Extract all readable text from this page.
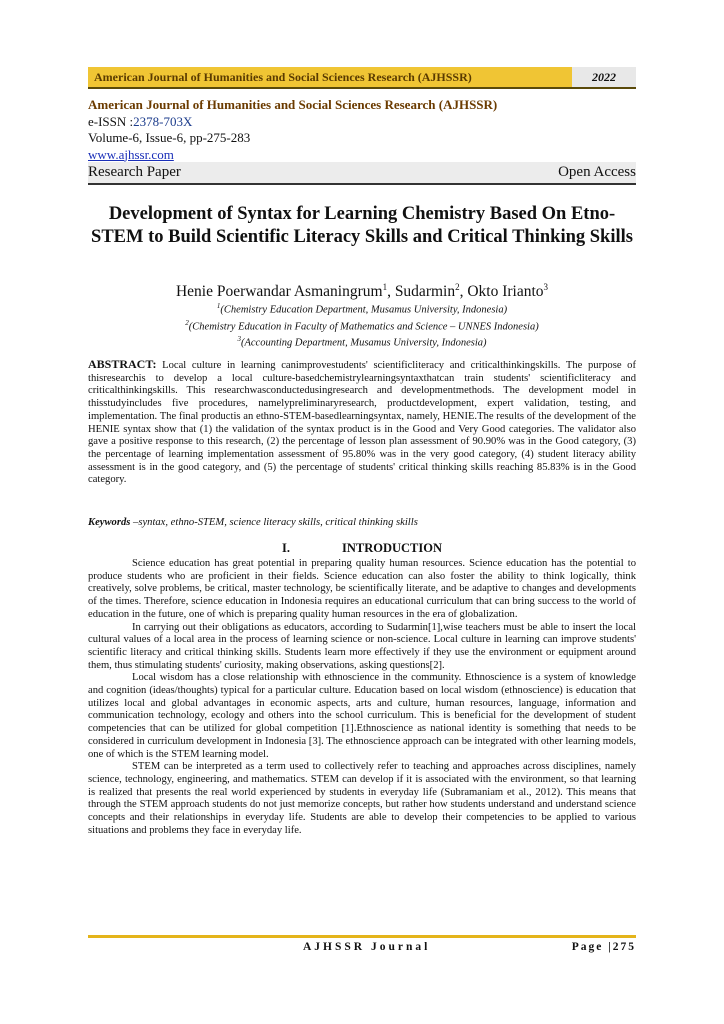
American Journal of Humanities and Social Sciences Research (AJHSSR)	2022
American Journal of Humanities and Social Sciences Research (AJHSSR)
e-ISSN :2378-703X
Volume-6, Issue-6, pp-275-283
www.ajhssr.com
Research Paper	Open Access
Development of Syntax for Learning Chemistry Based On Etno-STEM to Build Scientific Literacy Skills and Critical Thinking Skills
Henie Poerwandar Asmaningrum$^1$, Sudarmin$^2$, Okto Irianto$^3$
$^1$(Chemistry Education Department, Musamus University, Indonesia)
$^2$(Chemistry Education in Faculty of Mathematics and Science – UNNES Indonesia)
$^3$(Accounting Department, Musamus University, Indonesia)
ABSTRACT: Local culture in learning canimprovestudents' scientificliteracy and criticalthinkingskills. The purpose of thisresearchis to develop a local culture-basedchemistrylearningsyntaxthatcan train students' scientificliteracy and criticalthinkingskills. This researchwasconductedusingresearch and developmentmethods. The development model in thisstudyincludes five procedures, namelypreliminaryresearch, productdevelopment, expert validation, testing, and implementation. The final productis an ethno-STEM-basedlearningsyntax, namely, HENIE.The results of the development of the HENIE syntax show that (1) the validation of the syntax product is in the Good and Very Good categories. The validator also gave a positive response to this research, (2) the percentage of lesson plan assessment of 90.90% was in the Good category, (3) the percentage of learning implementation assessment of 95.80% was in the very good category, (4) student literacy ability assessment is in the good category, and (5) the percentage of students' critical thinking skills reaching 85.83% is in the Good category.
Keywords –syntax, ethno-STEM, science literacy skills, critical thinking skills
I.	INTRODUCTION

Science education has great potential in preparing quality human resources. Science education has the potential to produce students who are proficient in their fields. Science education can also foster the ability to think logically, think creatively, solve problems, be critical, master technology, be scientifically literate, and be adaptive to changes and developments of the times. Therefore, science education in Indonesia requires an educational curriculum that can bring success to the world of education in the future, one of which is preparing quality human resources in the era of globalization.

In carrying out their obligations as educators, according to Sudarmin[1],wise teachers must be able to insert the local cultural values of a local area in the process of learning science or non-science. Local culture in learning can improve students' scientific literacy and critical thinking skills. Students learn more effectively if they use the environment or equipment around them, thus stimulating students' curiosity, making observations, asking questions[2].

Local wisdom has a close relationship with ethnoscience in the community. Ethnoscience is a system of knowledge and cognition (ideas/thoughts) typical for a particular culture. Education based on local wisdom (ethnoscience) is education that utilizes local and global advantages in economic aspects, arts and culture, human resources, language, information and communication technology, ecology and others into the school curriculum. This is beneficial for the development of student competencies that can be utilized for global competition [1].Ethnoscience as national identity is something that needs to be considered in curriculum development in Indonesia [3]. The ethnoscience approach can be integrated with other learning models, one of which is the STEM learning model.

STEM can be interpreted as a term used to collectively refer to teaching and approaches across disciplines, namely science, technology, engineering, and mathematics. STEM can develop if it is associated with the environment, so that learning is realized that presents the real world experienced by students in everyday life (Subramaniam et al., 2012). This means that through the STEM approach students do not just memorize concepts, but rather how students understand and understand science concepts and their relationships in everyday life. Students are able to develop their competencies to be applied to various situations and problems they face in everyday life.

AJHSSR Journal	Page |275
